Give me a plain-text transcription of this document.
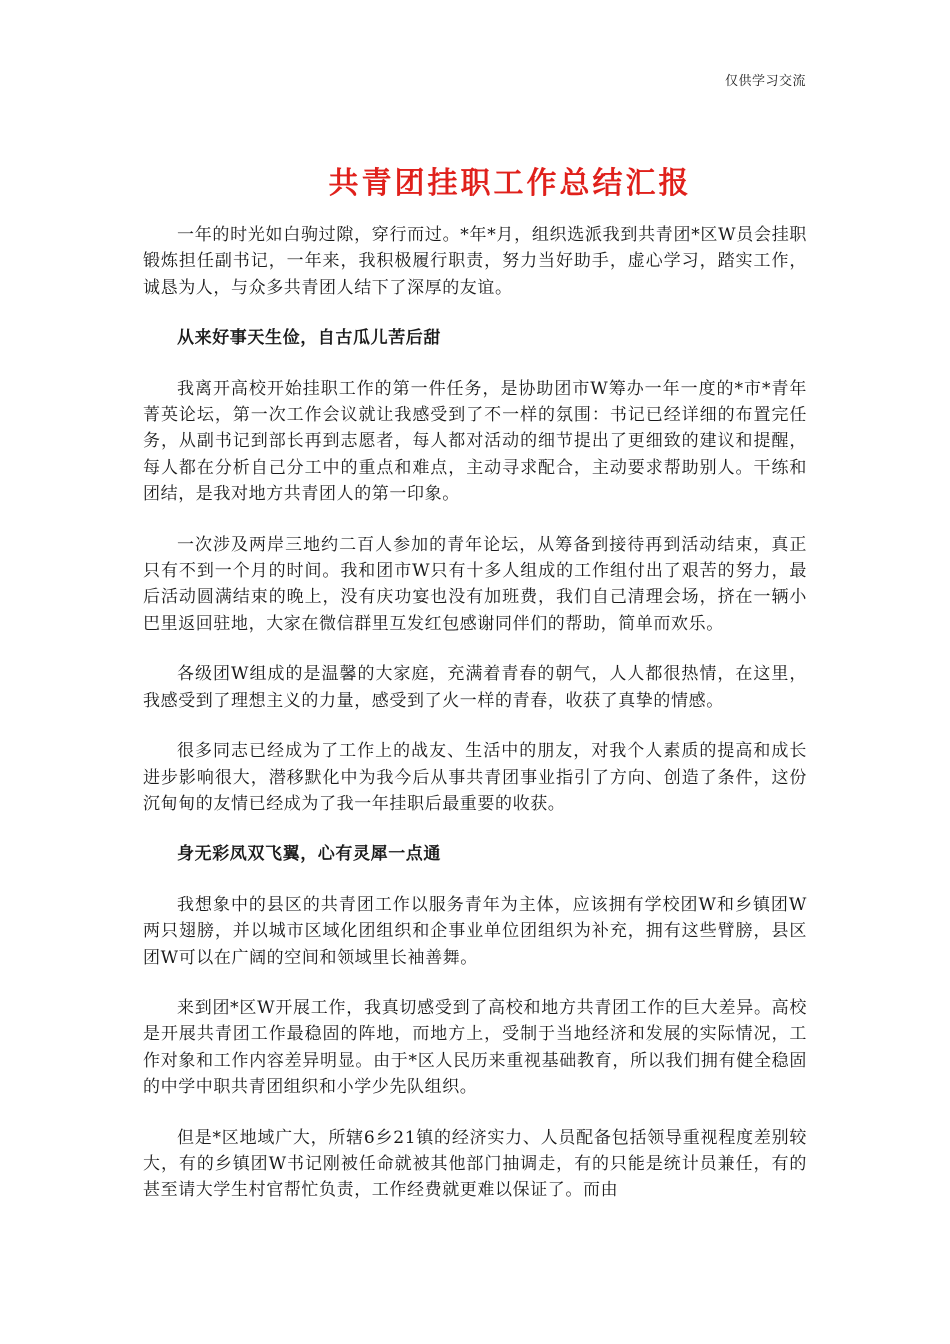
仅供学习交流
共青团挂职工作总结汇报

一年的时光如白驹过隙，穿行而过。*年*月，组织选派我到共青团*区W员会挂职锻炼担任副书记，一年来，我积极履行职责，努力当好助手，虚心学习，踏实工作，诚恳为人，与众多共青团人结下了深厚的友谊。

从来好事天生俭，自古瓜儿苦后甜

我离开高校开始挂职工作的第一件任务，是协助团市W筹办一年一度的*市*青年菁英论坛，第一次工作会议就让我感受到了不一样的氛围：书记已经详细的布置完任务，从副书记到部长再到志愿者，每人都对活动的细节提出了更细致的建议和提醒，每人都在分析自己分工中的重点和难点，主动寻求配合，主动要求帮助别人。干练和团结，是我对地方共青团人的第一印象。

一次涉及两岸三地约二百人参加的青年论坛，从筹备到接待再到活动结束，真正只有不到一个月的时间。我和团市W只有十多人组成的工作组付出了艰苦的努力，最后活动圆满结束的晚上，没有庆功宴也没有加班费，我们自己清理会场，挤在一辆小巴里返回驻地，大家在微信群里互发红包感谢同伴们的帮助，简单而欢乐。

各级团W组成的是温馨的大家庭，充满着青春的朝气，人人都很热情，在这里，我感受到了理想主义的力量，感受到了火一样的青春，收获了真挚的情感。

很多同志已经成为了工作上的战友、生活中的朋友，对我个人素质的提高和成长进步影响很大，潜移默化中为我今后从事共青团事业指引了方向、创造了条件，这份沉甸甸的友情已经成为了我一年挂职后最重要的收获。

身无彩凤双飞翼，心有灵犀一点通

我想象中的县区的共青团工作以服务青年为主体，应该拥有学校团W和乡镇团W两只翅膀，并以城市区域化团组织和企事业单位团组织为补充，拥有这些臂膀，县区团W可以在广阔的空间和领域里长袖善舞。

来到团*区W开展工作，我真切感受到了高校和地方共青团工作的巨大差异。高校是开展共青团工作最稳固的阵地，而地方上，受制于当地经济和发展的实际情况，工作对象和工作内容差异明显。由于*区人民历来重视基础教育，所以我们拥有健全稳固的中学中职共青团组织和小学少先队组织。

但是*区地域广大，所辖6乡21镇的经济实力、人员配备包括领导重视程度差别较大，有的乡镇团W书记刚被任命就被其他部门抽调走，有的只能是统计员兼任，有的甚至请大学生村官帮忙负责，工作经费就更难以保证了。而由
